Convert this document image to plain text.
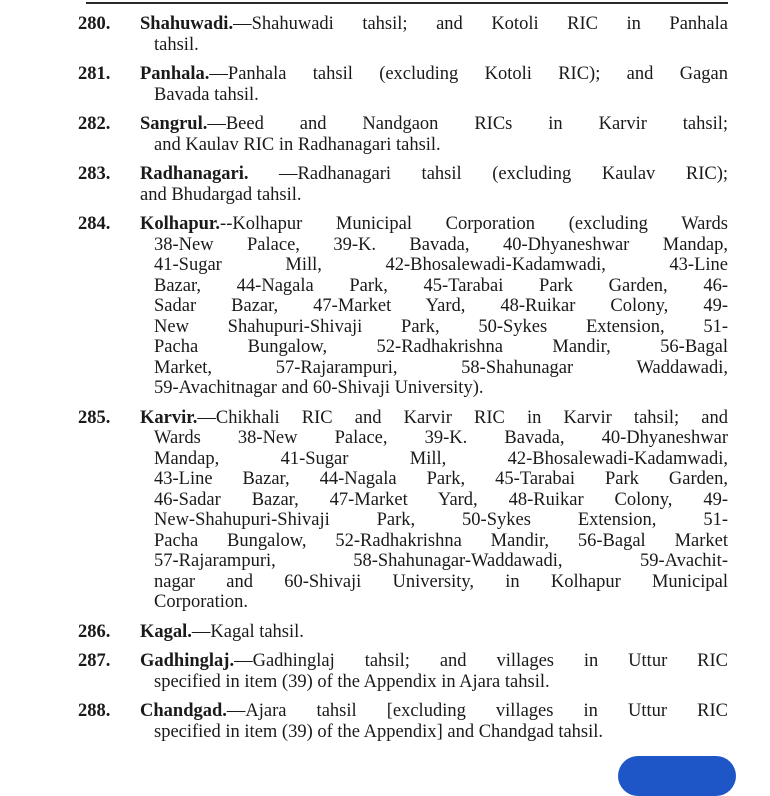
280.	Shahuwadi.—Shahuwadi tahsil; and Kotoli RIC in Panhala
tahsil.
281.	Panhala.—Panhala tahsil (excluding Kotoli RIC); and Gagan
Bavada tahsil.
282.	Sangrul.—Beed and Nandgaon RICs in Karvir tahsil;
and Kaulav RIC in Radhanagari tahsil.
283.	Radhanagari. —Radhanagari tahsil (excluding Kaulav RIC);
and Bhudargad tahsil.
284.	Kolhapur.--Kolhapur Municipal Corporation (excluding Wards
38-New Palace, 39-K. Bavada, 40-Dhyaneshwar Mandap,
41-Sugar Mill, 42-Bhosalewadi-Kadamwadi, 43-Line
Bazar, 44-Nagala Park, 45-Tarabai Park Garden, 46-
Sadar Bazar, 47-Market Yard, 48-Ruikar Colony, 49-
New Shahupuri-Shivaji Park, 50-Sykes Extension, 51-
Pacha Bungalow, 52-Radhakrishna Mandir, 56-Bagal
Market, 57-Rajarampuri, 58-Shahunagar Waddawadi,
59-Avachitnagar and 60-Shivaji University).
285.	Karvir.—Chikhali RIC and Karvir RIC in Karvir tahsil; and
Wards 38-New Palace, 39-K. Bavada, 40-Dhyaneshwar
Mandap, 41-Sugar Mill, 42-Bhosalewadi-Kadamwadi,
43-Line Bazar, 44-Nagala Park, 45-Tarabai Park Garden,
46-Sadar Bazar, 47-Market Yard, 48-Ruikar Colony, 49-
New-Shahupuri-Shivaji Park, 50-Sykes Extension, 51-
Pacha Bungalow, 52-Radhakrishna Mandir, 56-Bagal Market
57-Rajarampuri, 58-Shahunagar-Waddawadi, 59-Avachit-
nagar and 60-Shivaji University, in Kolhapur Municipal
Corporation.
286.	Kagal.—Kagal tahsil.
287.	Gadhinglaj.—Gadhinglaj tahsil; and villages in Uttur RIC
specified in item (39) of the Appendix in Ajara tahsil.
288.	Chandgad.—Ajara tahsil [excluding villages in Uttur RIC
specified in item (39) of the Appendix] and Chandgad tahsil.
